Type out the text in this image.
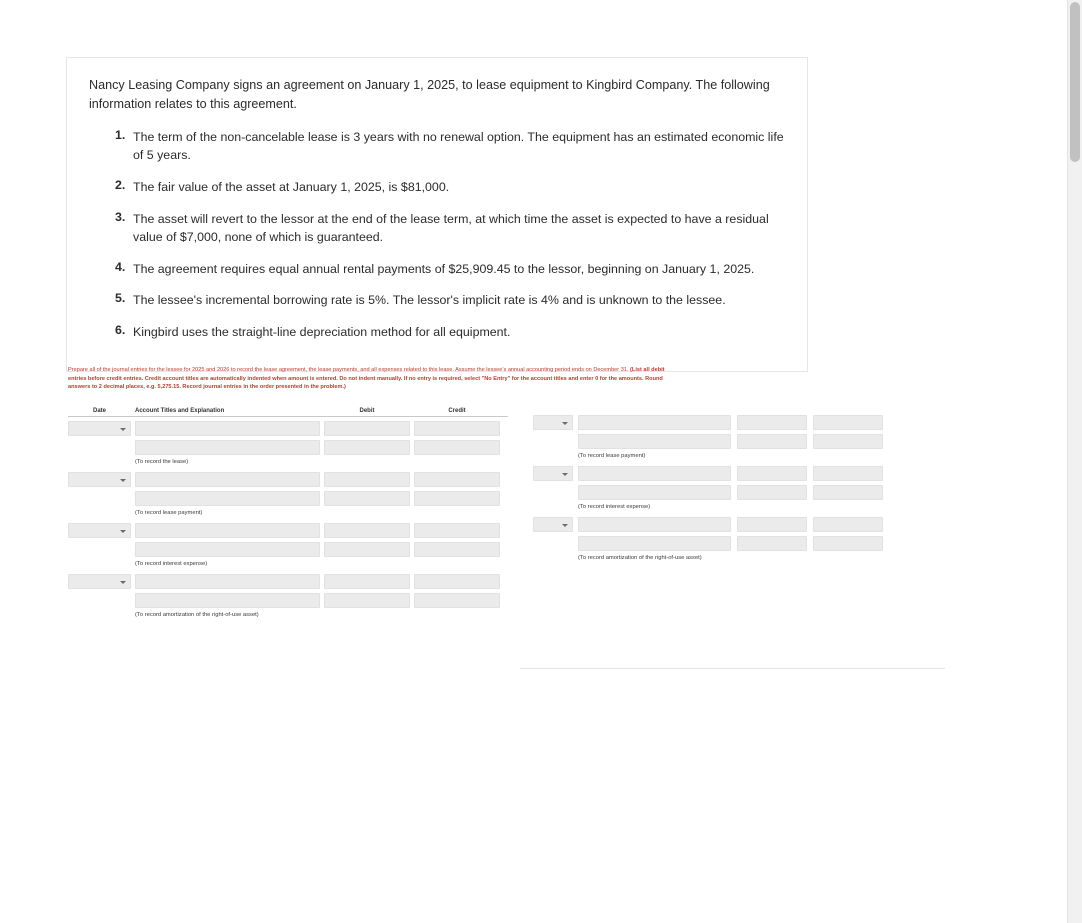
Nancy Leasing Company signs an agreement on January 1, 2025, to lease equipment to Kingbird Company. The following information relates to this agreement.

1. The term of the non-cancelable lease is 3 years with no renewal option. The equipment has an estimated economic life of 5 years.
2. The fair value of the asset at January 1, 2025, is $81,000.
3. The asset will revert to the lessor at the end of the lease term, at which time the asset is expected to have a residual value of $7,000, none of which is guaranteed.
4. The agreement requires equal annual rental payments of $25,909.45 to the lessor, beginning on January 1, 2025.
5. The lessee's incremental borrowing rate is 5%. The lessor's implicit rate is 4% and is unknown to the lessee.
6. Kingbird uses the straight-line depreciation method for all equipment.
Prepare all of the journal entries for the lessee for 2025 and 2026 to record the lease agreement, the lease payments, and all expenses related to this lease. Assume the lessee's annual accounting period ends on December 31. (List all debit entries before credit entries. Credit account titles are automatically indented when amount is entered. Do not indent manually. If no entry is required, select "No Entry" for the account titles and enter 0 for the amounts. Round answers to 2 decimal places, e.g. 5,275.15. Record journal entries in the order presented in the problem.)
Date	Account Titles and Explanation	Debit	Credit
(To record the lease)
(To record lease payment)
(To record interest expense)
(To record amortization of the right-of-use asset)
(To record lease payment)
(To record interest expense)
(To record amortization of the right-of-use asset)
